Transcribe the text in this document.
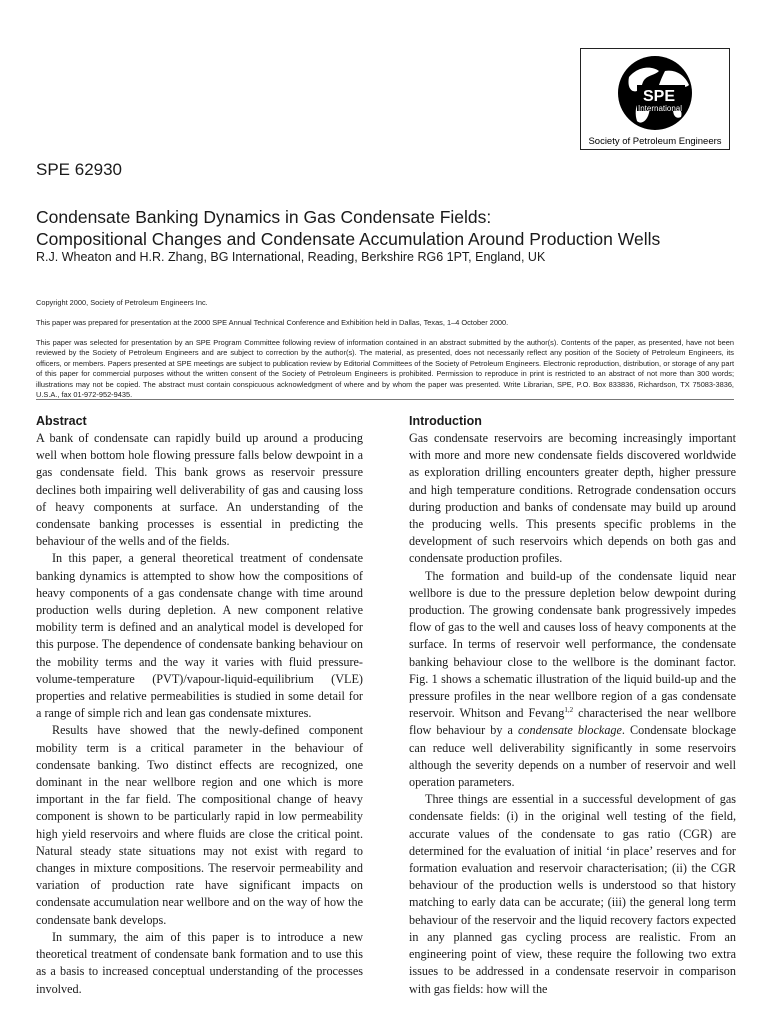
SPE
International
Society of Petroleum Engineers
SPE 62930
Condensate Banking Dynamics in Gas Condensate Fields:
Compositional Changes and Condensate Accumulation Around Production Wells
R.J. Wheaton and H.R. Zhang, BG International, Reading, Berkshire RG6 1PT, England, UK
Copyright 2000, Society of Petroleum Engineers Inc.
This paper was prepared for presentation at the 2000 SPE Annual Technical Conference and Exhibition held in Dallas, Texas, 1–4 October 2000.
This paper was selected for presentation by an SPE Program Committee following review of information contained in an abstract submitted by the author(s). Contents of the paper, as presented, have not been reviewed by the Society of Petroleum Engineers and are subject to correction by the author(s). The material, as presented, does not necessarily reflect any position of the Society of Petroleum Engineers, its officers, or members. Papers presented at SPE meetings are subject to publication review by Editorial Committees of the Society of Petroleum Engineers. Electronic reproduction, distribution, or storage of any part of this paper for commercial purposes without the written consent of the Society of Petroleum Engineers is prohibited. Permission to reproduce in print is restricted to an abstract of not more than 300 words; illustrations may not be copied. The abstract must contain conspicuous acknowledgment of where and by whom the paper was presented. Write Librarian, SPE, P.O. Box 833836, Richardson, TX 75083-3836, U.S.A., fax 01-972-952-9435.
Abstract

A bank of condensate can rapidly build up around a producing well when bottom hole flowing pressure falls below dewpoint in a gas condensate field. This bank grows as reservoir pressure declines both impairing well deliverability of gas and causing loss of heavy components at surface. An understanding of the condensate banking processes is essential in predicting the behaviour of the wells and of the fields.

In this paper, a general theoretical treatment of condensate banking dynamics is attempted to show how the compositions of heavy components of a gas condensate change with time around production wells during depletion. A new component relative mobility term is defined and an analytical model is developed for this purpose. The dependence of condensate banking behaviour on the mobility terms and the way it varies with fluid pressure-volume-temperature (PVT)/vapour-liquid-equilibrium (VLE) properties and relative permeabilities is studied in some detail for a range of simple rich and lean gas condensate mixtures.

Results have showed that the newly-defined component mobility term is a critical parameter in the behaviour of condensate banking. Two distinct effects are recognized, one dominant in the near wellbore region and one which is more important in the far field. The compositional change of heavy component is shown to be particularly rapid in low permeability high yield reservoirs and where fluids are close the critical point. Natural steady state situations may not exist with regard to changes in mixture compositions. The reservoir permeability and variation of production rate have significant impacts on condensate accumulation near wellbore and on the way of how the condensate bank develops.

In summary, the aim of this paper is to introduce a new theoretical treatment of condensate bank formation and to use this as a basis to increased conceptual understanding of the processes involved.

Introduction

Gas condensate reservoirs are becoming increasingly important with more and more new condensate fields discovered worldwide as exploration drilling encounters greater depth, higher pressure and high temperature conditions. Retrograde condensation occurs during production and banks of condensate may build up around the producing wells. This presents specific problems in the development of such reservoirs which depends on both gas and condensate production profiles.

The formation and build-up of the condensate liquid near wellbore is due to the pressure depletion below dewpoint during production. The growing condensate bank progressively impedes flow of gas to the well and causes loss of heavy components at the surface. In terms of reservoir well performance, the condensate banking behaviour close to the wellbore is the dominant factor. Fig. 1 shows a schematic illustration of the liquid build-up and the pressure profiles in the near wellbore region of a gas condensate reservoir. Whitson and Fevang$^{1,2}$ characterised the near wellbore flow behaviour by a condensate blockage. Condensate blockage can reduce well deliverability significantly in some reservoirs although the severity depends on a number of reservoir and well operation parameters.

Three things are essential in a successful development of gas condensate fields: (i) in the original well testing of the field, accurate values of the condensate to gas ratio (CGR) are determined for the evaluation of initial ‘in place’ reserves and for formation evaluation and reservoir characterisation; (ii) the CGR behaviour of the production wells is understood so that history matching to early data can be accurate; (iii) the general long term behaviour of the reservoir and the liquid recovery factors expected in any planned gas cycling process are realistic. From an engineering point of view, these require the following two extra issues to be addressed in a condensate reservoir in comparison with gas fields: how will the
